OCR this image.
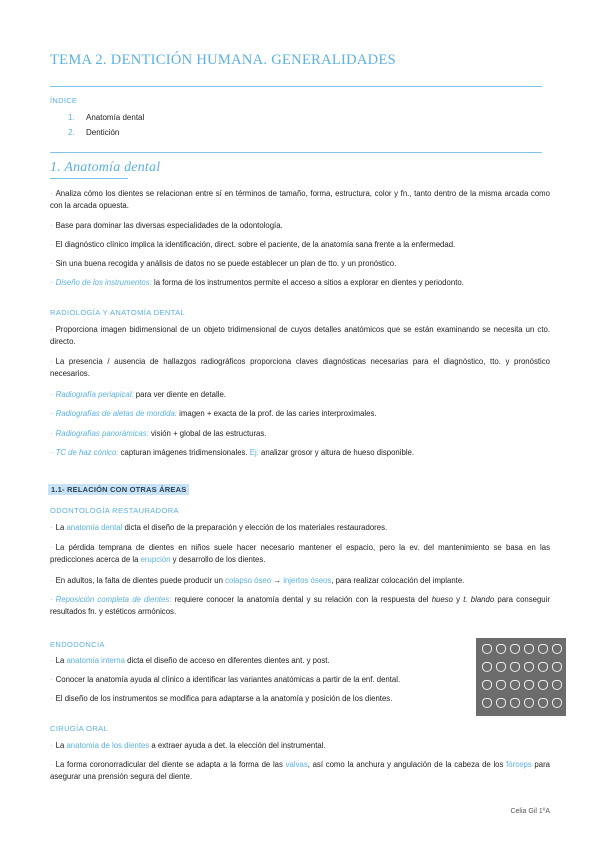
TEMA 2. DENTICIÓN HUMANA. GENERALIDADES
ÍNDICE
1. Anatomía dental
2. Dentición
1. Anatomía dental
· Analiza cómo los dientes se relacionan entre sí en términos de tamaño, forma, estructura, color y fn., tanto dentro de la misma arcada como con la arcada opuesta.
· Base para dominar las diversas especialidades de la odontología.
· El diagnóstico clínico implica la identificación, direct. sobre el paciente, de la anatomía sana frente a la enfermedad.
· Sin una buena recogida y análisis de datos no se puede establecer un plan de tto. y un pronóstico.
· Diseño de los instrumentos: la forma de los instrumentos permite el acceso a sitios a explorar en dientes y periodonto.
RADIOLOGÍA Y ANATOMÍA DENTAL
· Proporciona imagen bidimensional de un objeto tridimensional de cuyos detalles anatómicos que se están examinando se necesita un cto. directo.
· La presencia / ausencia de hallazgos radiográficos proporciona claves diagnósticas necesarias para el diagnóstico, tto. y pronóstico necesarios.
· Radiografía periapical: para ver diente en detalle.
· Radiografías de aletas de mordida: imagen + exacta de la prof. de las caries interproximales.
· Radiografías panorámicas: visión + global de las estructuras.
· TC de haz cónico: capturan imágenes tridimensionales. Ej: analizar grosor y altura de hueso disponible.
1.1- RELACIÓN CON OTRAS ÁREAS
ODONTOLOGÍA RESTAURADORA
· La anatomía dental dicta el diseño de la preparación y elección de los materiales restauradores.
· La pérdida temprana de dientes en niños suele hacer necesario mantener el espacio, pero la ev. del mantenimiento se basa en las predicciones acerca de la erupción y desarrollo de los dientes.
· En adultos, la falta de dientes puede producir un colapso óseo → injertos óseos, para realizar colocación del implante.
· Reposición completa de dientes: requiere conocer la anatomía dental y su relación con la respuesta del hueso y t. blando para conseguir resultados fn. y estéticos armónicos.
ENDODONCIA
· La anatomía interna dicta el diseño de acceso en diferentes dientes ant. y post.
· Conocer la anatomía ayuda al clínico a identificar las variantes anatómicas a partir de la enf. dental.
· El diseño de los instrumentos se modifica para adaptarse a la anatomía y posición de los dientes.
CIRUGÍA ORAL
· La anatomía de los dientes a extraer ayuda a det. la elección del instrumental.
· La forma coronorradicular del diente se adapta a la forma de las valvas, así como la anchura y angulación de la cabeza de los fórceps para asegurar una prensión segura del diente.
Celia Gil 1ºA
